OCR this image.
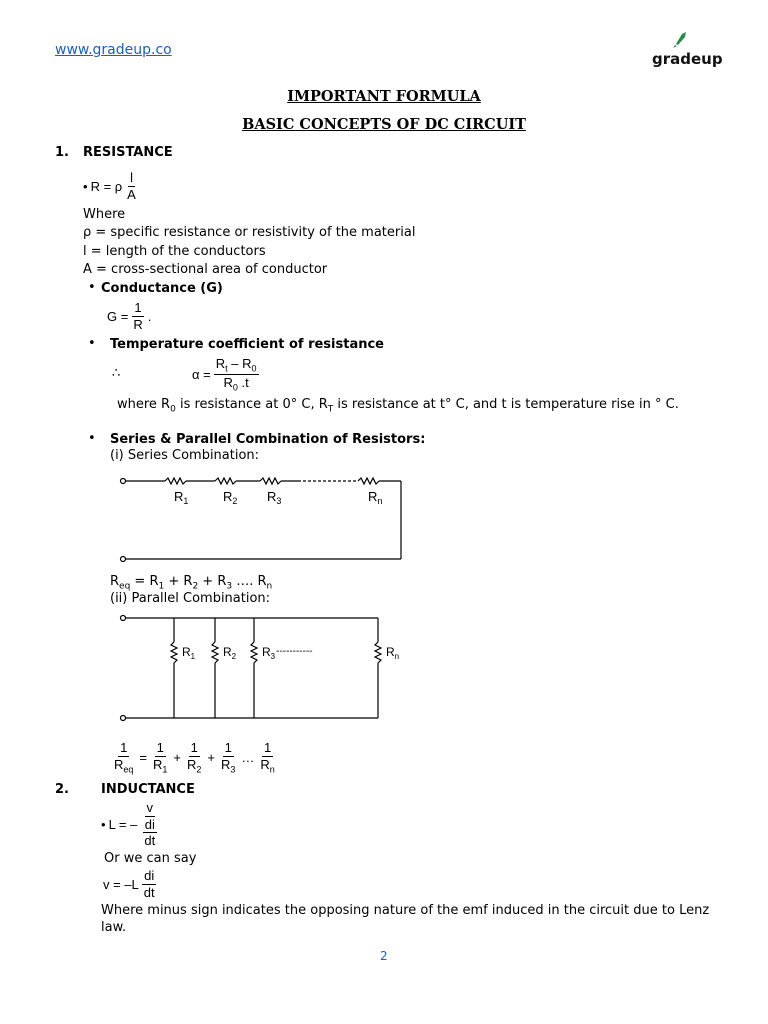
www.gradeup.co	gradeup
IMPORTANT FORMULA
BASIC CONCEPTS OF DC CIRCUIT
1. RESISTANCE
• R = ρ $\frac{l}{A}$
Where
ρ = specific resistance or resistivity of the material
l = length of the conductors
A = cross-sectional area of conductor
• Conductance (G)
$G = \frac{1}{R}$ .
• Temperature coefficient of resistance
∴	$\alpha = \frac{R_t - R_0}{R_0 .t}$
where $R_0$ is resistance at 0° C, $R_T$ is resistance at t° C, and t is temperature rise in ° C.
• Series & Parallel Combination of Resistors:
(i) Series Combination:
$R_1$	$R_2$ $R_3$	$R_n$
$R_{eq} = R_1 + R_2 + R_3$ …. $R_n$
(ii) Parallel Combination:
$R_1$ $R_2$ $R_3$ -----------	$R_n$
$\frac{1}{R_{eq}} = \frac{1}{R_1} + \frac{1}{R_2} + \frac{1}{R_3}$ … $\frac{1}{R_n}$
2. INDUCTANCE
• L = – $\frac{v}{\frac{di}{dt}}$
Or we can say
$v = -L \frac{di}{dt}$
Where minus sign indicates the opposing nature of the emf induced in the circuit due to Lenz
law.
2
